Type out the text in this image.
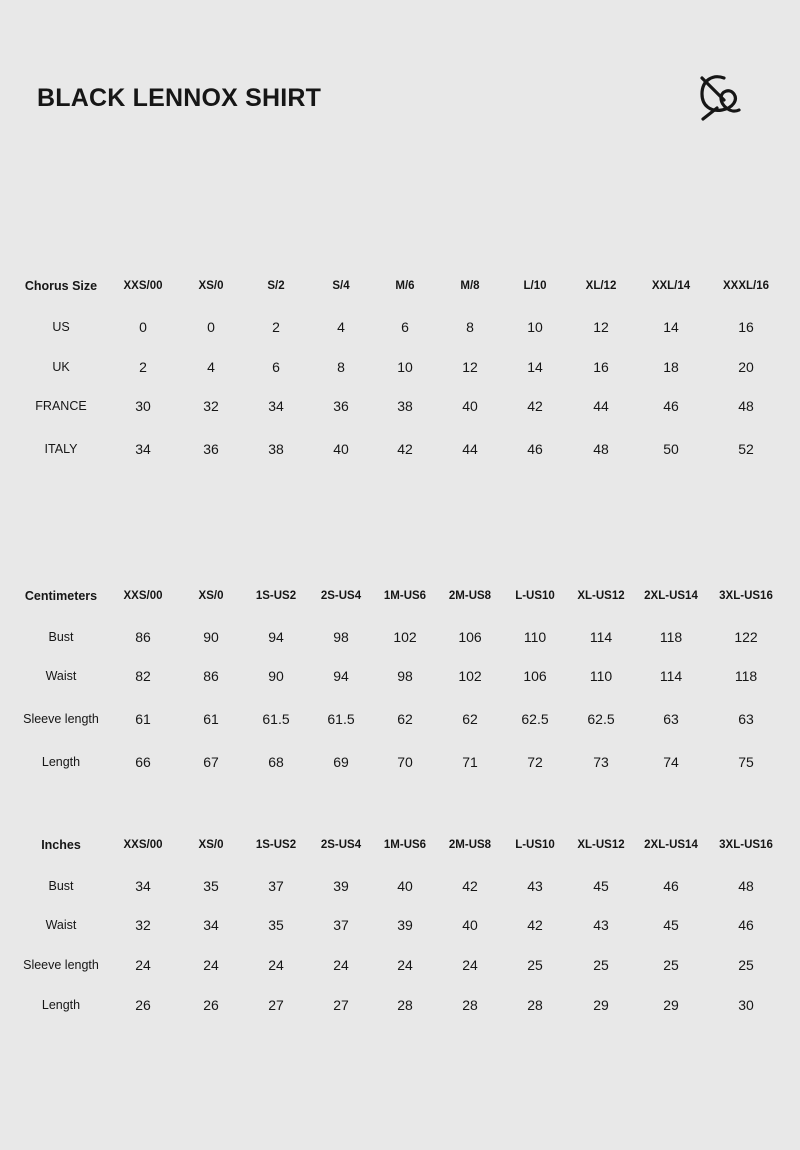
BLACK LENNOX SHIRT
Chorus Size	XXS/00	XS/0	S/2	S/4	M/6	M/8	L/10	XL/12	XXL/14	XXXL/16
US	0	0	2	4	6	8	10	12	14	16
UK	2	4	6	8	10	12	14	16	18	20
FRANCE	30	32	34	36	38	40	42	44	46	48
ITALY	34	36	38	40	42	44	46	48	50	52
Centimeters	XXS/00	XS/0	1S-US2	2S-US4	1M-US6	2M-US8	L-US10	XL-US12	2XL-US14	3XL-US16
Bust	86	90	94	98	102	106	110	114	118	122
Waist	82	86	90	94	98	102	106	110	114	118
Sleeve length	61	61	61.5	61.5	62	62	62.5	62.5	63	63
Length	66	67	68	69	70	71	72	73	74	75
Inches	XXS/00	XS/0	1S-US2	2S-US4	1M-US6	2M-US8	L-US10	XL-US12	2XL-US14	3XL-US16
Bust	34	35	37	39	40	42	43	45	46	48
Waist	32	34	35	37	39	40	42	43	45	46
Sleeve length	24	24	24	24	24	24	25	25	25	25
Length	26	26	27	27	28	28	28	29	29	30
